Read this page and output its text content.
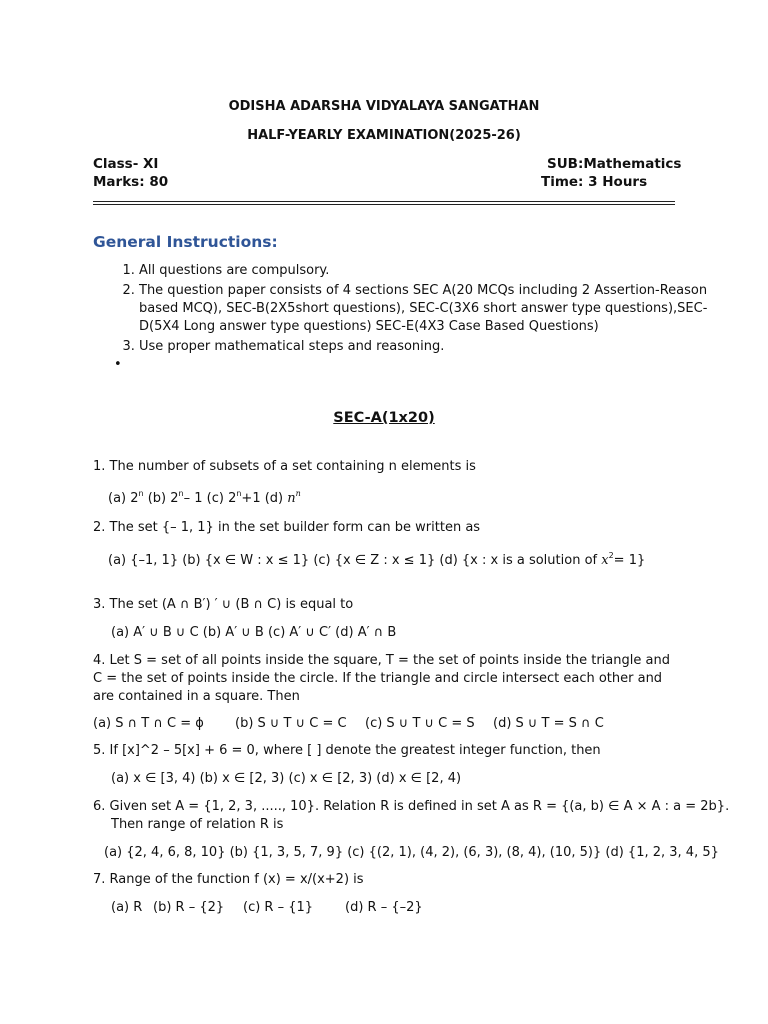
ODISHA ADARSHA VIDYALAYA SANGATHAN
HALF-YEARLY EXAMINATION(2025-26)
Class- XI
Marks: 80
SUB:Mathematics
Time: 3 Hours
General Instructions:
1. All questions are compulsory.
2. The question paper consists of 4 sections SEC A(20 MCQs including 2 Assertion-Reason based MCQ), SEC-B(2X5short questions), SEC-C(3X6 short answer type questions),SEC-D(5X4 Long answer type questions) SEC-E(4X3 Case Based Questions)
3. Use proper mathematical steps and reasoning.
•
SEC-A(1x20)
1. The number of subsets of a set containing n elements is
(a) 2$^n$ (b) 2$^n$– 1 (c) $2^n+1$ (d) $n^n$
2. The set {– 1, 1} in the set builder form can be written as
(a) {–1, 1} (b) {x ∈ W : x ≤ 1} (c) {x ∈ Z : x ≤ 1} (d) {x : x is a solution of $x^2= 1$}
3. The set (A ∩ B′) ′ ∪ (B ∩ C) is equal to
(a) A′ ∪ B ∪ C (b) A′ ∪ B (c) A′ ∪ C′ (d) A′ ∩ B
4. Let S = set of all points inside the square, T = the set of points inside the triangle and C = the set of points inside the circle. If the triangle and circle intersect each other and are contained in a square. Then
(a) S ∩ T ∩ C = ϕ (b) S ∪ T ∪ C = C (c) S ∪ T ∪ C = S (d) S ∪ T = S ∩ C
5. If [x]^2 – 5[x] + 6 = 0, where [ ] denote the greatest integer function, then
(a) x ∈ [3, 4) (b) x ∈ [2, 3) (c) x ∈ [2, 3) (d) x ∈ [2, 4)
6. Given set A = {1, 2, 3, ....., 10}. Relation R is defined in set A as R = {(a, b) ∈ A × A : a = 2b}.
Then range of relation R is
(a) {2, 4, 6, 8, 10} (b) {1, 3, 5, 7, 9} (c) {(2, 1), (4, 2), (6, 3), (8, 4), (10, 5)} (d) {1, 2, 3, 4, 5}
7. Range of the function f (x) = x/(x+2) is
(a) R (b) R – {2} (c) R – {1} (d) R – {–2}
